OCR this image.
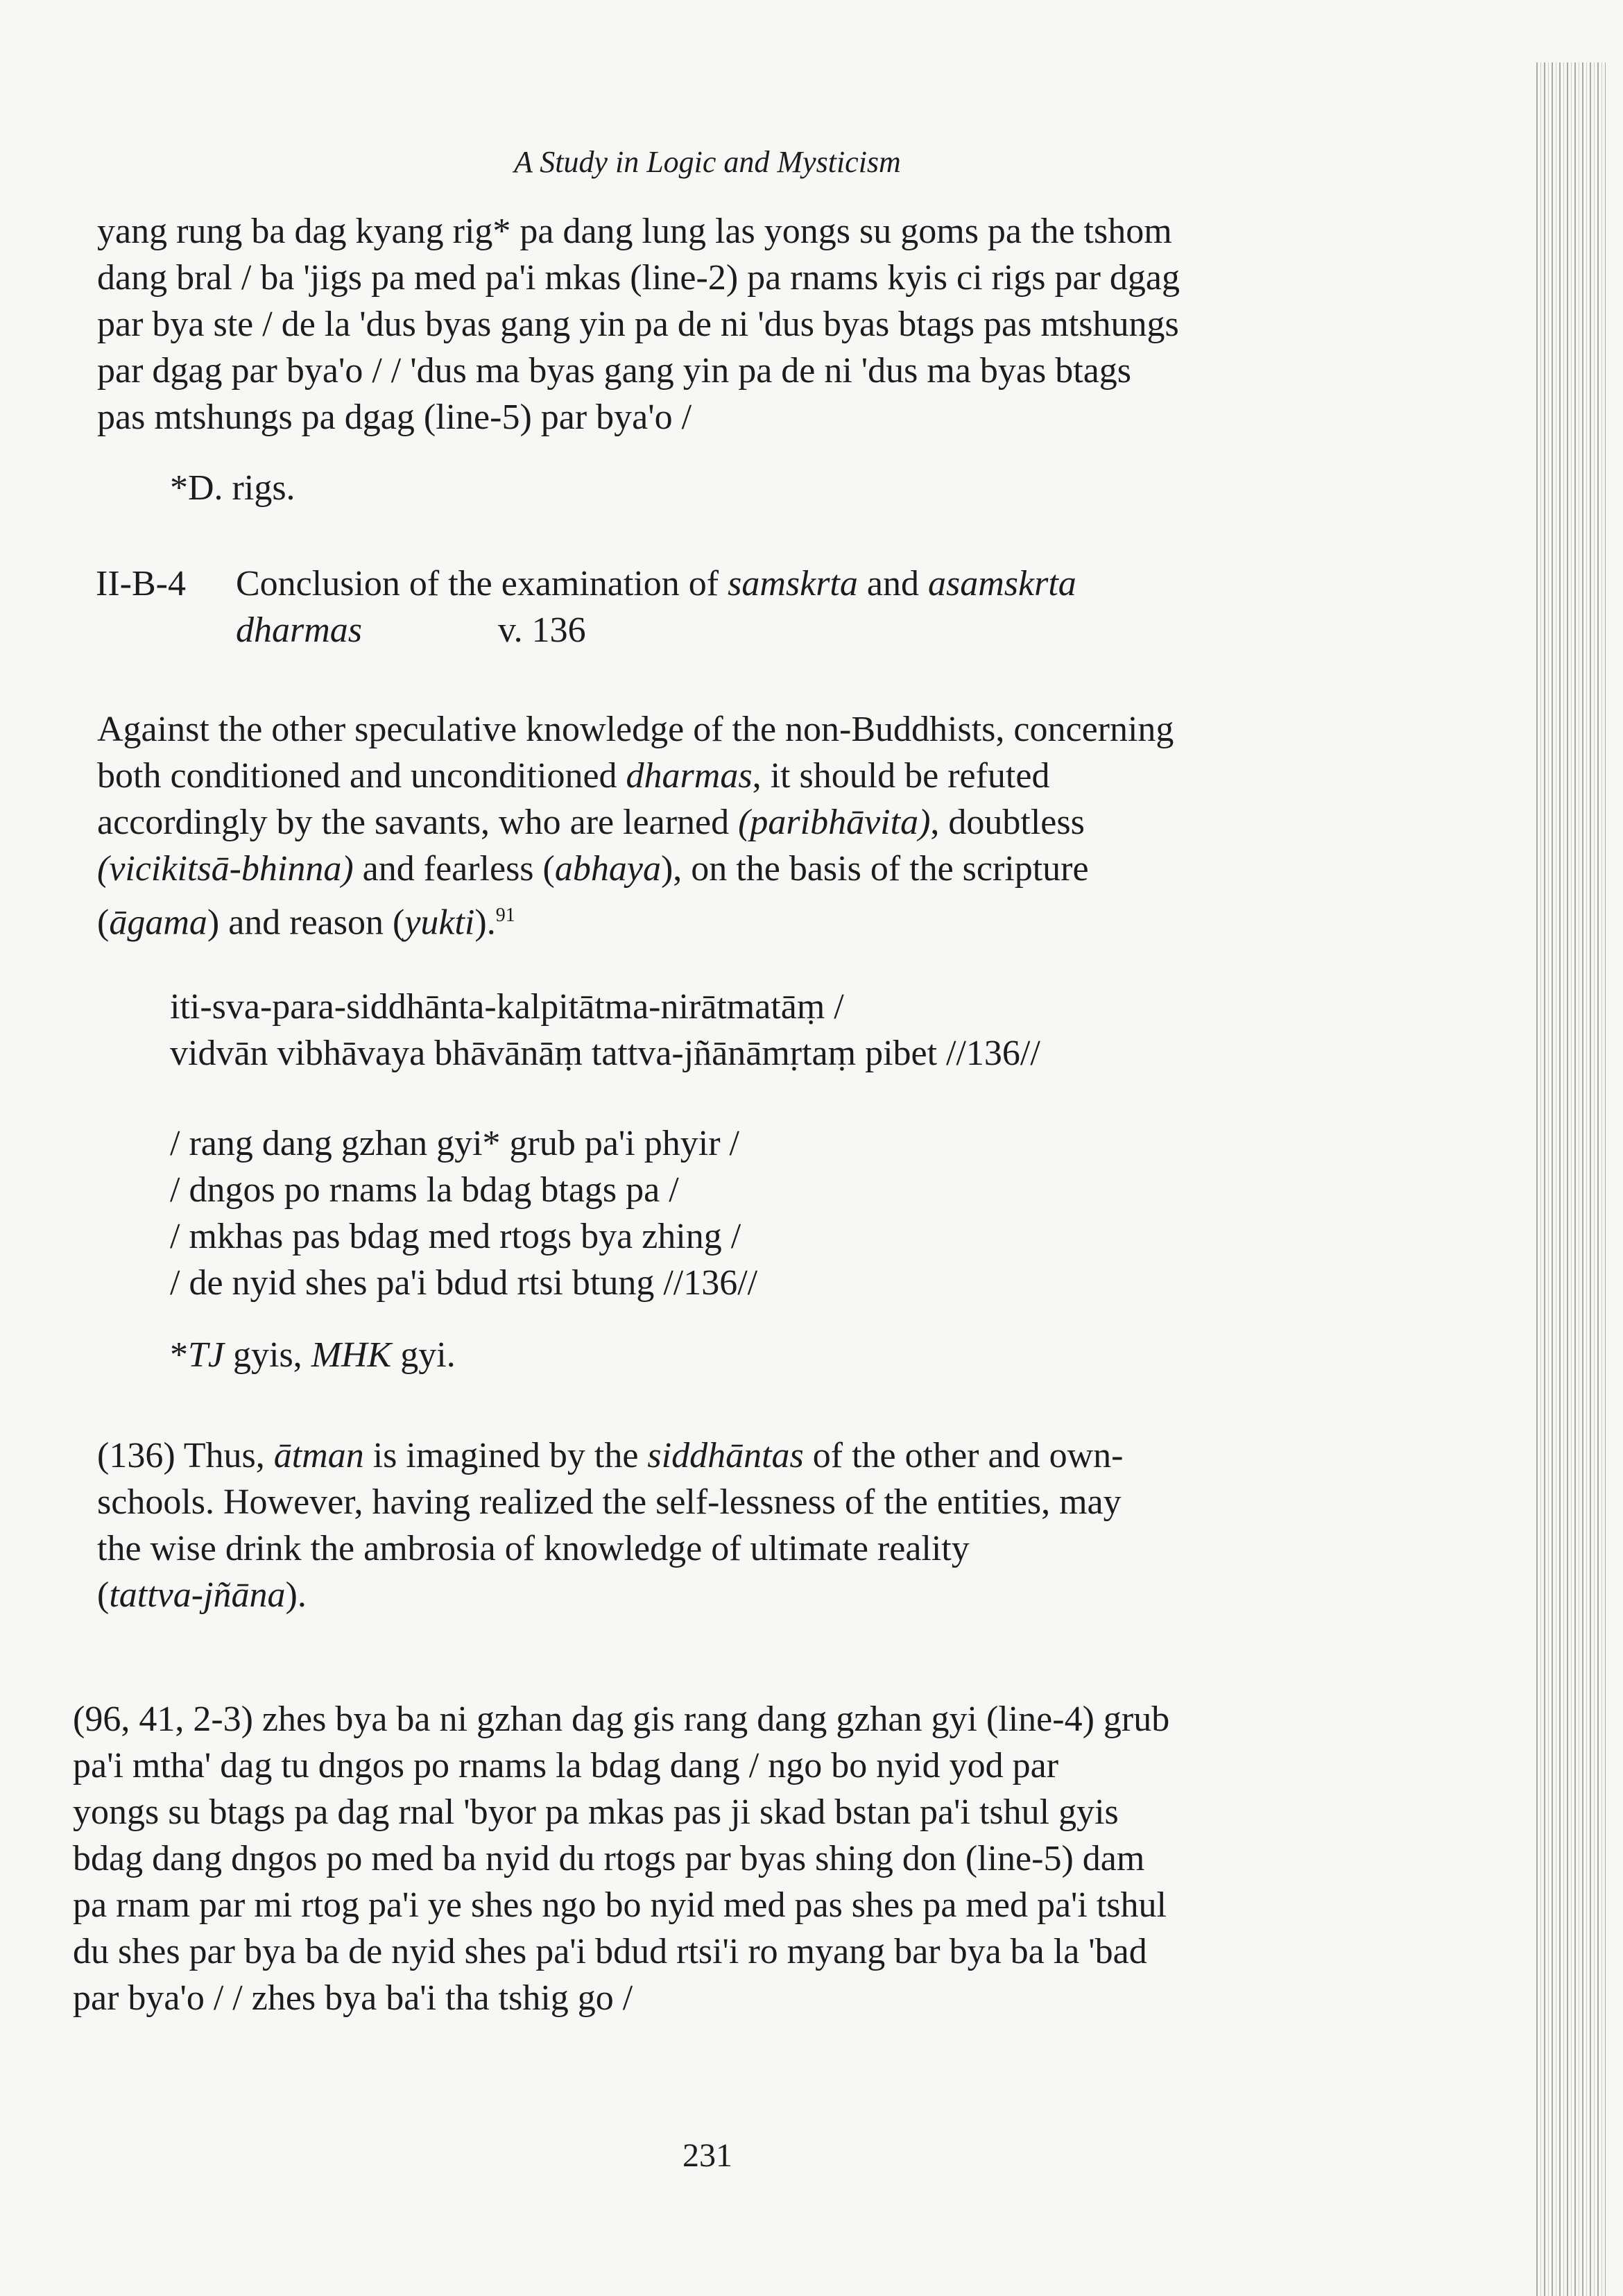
A Study in Logic and Mysticism
yang rung ba dag kyang rig* pa dang lung las yongs su goms pa the tshom
dang bral / ba 'jigs pa med pa'i mkas (line-2) pa rnams kyis ci rigs par dgag
par bya ste / de la 'dus byas gang yin pa de ni 'dus byas btags pas mtshungs
par dgag par bya'o / / 'dus ma byas gang yin pa de ni 'dus ma byas btags
pas mtshungs pa dgag (line-5) par bya'o /
*D. rigs.
II-B-4 Conclusion of the examination of samskrta and asamskrta
dharmas	v. 136
Against the other speculative knowledge of the non-Buddhists, concerning
both conditioned and unconditioned dharmas, it should be refuted
accordingly by the savants, who are learned (paribhāvita), doubtless
(vicikitsā-bhinna) and fearless (abhaya), on the basis of the scripture
(āgama) and reason (yukti).$^{91}$
iti-sva-para-siddhānta-kalpitātma-nirātmatāṃ /
vidvān vibhāvaya bhāvānāṃ tattva-jñānāmṛtaṃ pibet //136//
/ rang dang gzhan gyi* grub pa'i phyir /
/ dngos po rnams la bdag btags pa /
/ mkhas pas bdag med rtogs bya zhing /
/ de nyid shes pa'i bdud rtsi btung //136//
*TJ gyis, MHK gyi.
(136) Thus, ātman is imagined by the siddhāntas of the other and own-
schools. However, having realized the self-lessness of the entities, may
the wise drink the ambrosia of knowledge of ultimate reality
(tattva-jñāna).
(96, 41, 2-3) zhes bya ba ni gzhan dag gis rang dang gzhan gyi (line-4) grub
pa'i mtha' dag tu dngos po rnams la bdag dang / ngo bo nyid yod par
yongs su btags pa dag rnal 'byor pa mkas pas ji skad bstan pa'i tshul gyis
bdag dang dngos po med ba nyid du rtogs par byas shing don (line-5) dam
pa rnam par mi rtog pa'i ye shes ngo bo nyid med pas shes pa med pa'i tshul
du shes par bya ba de nyid shes pa'i bdud rtsi'i ro myang bar bya ba la 'bad
par bya'o / / zhes bya ba'i tha tshig go /
231
